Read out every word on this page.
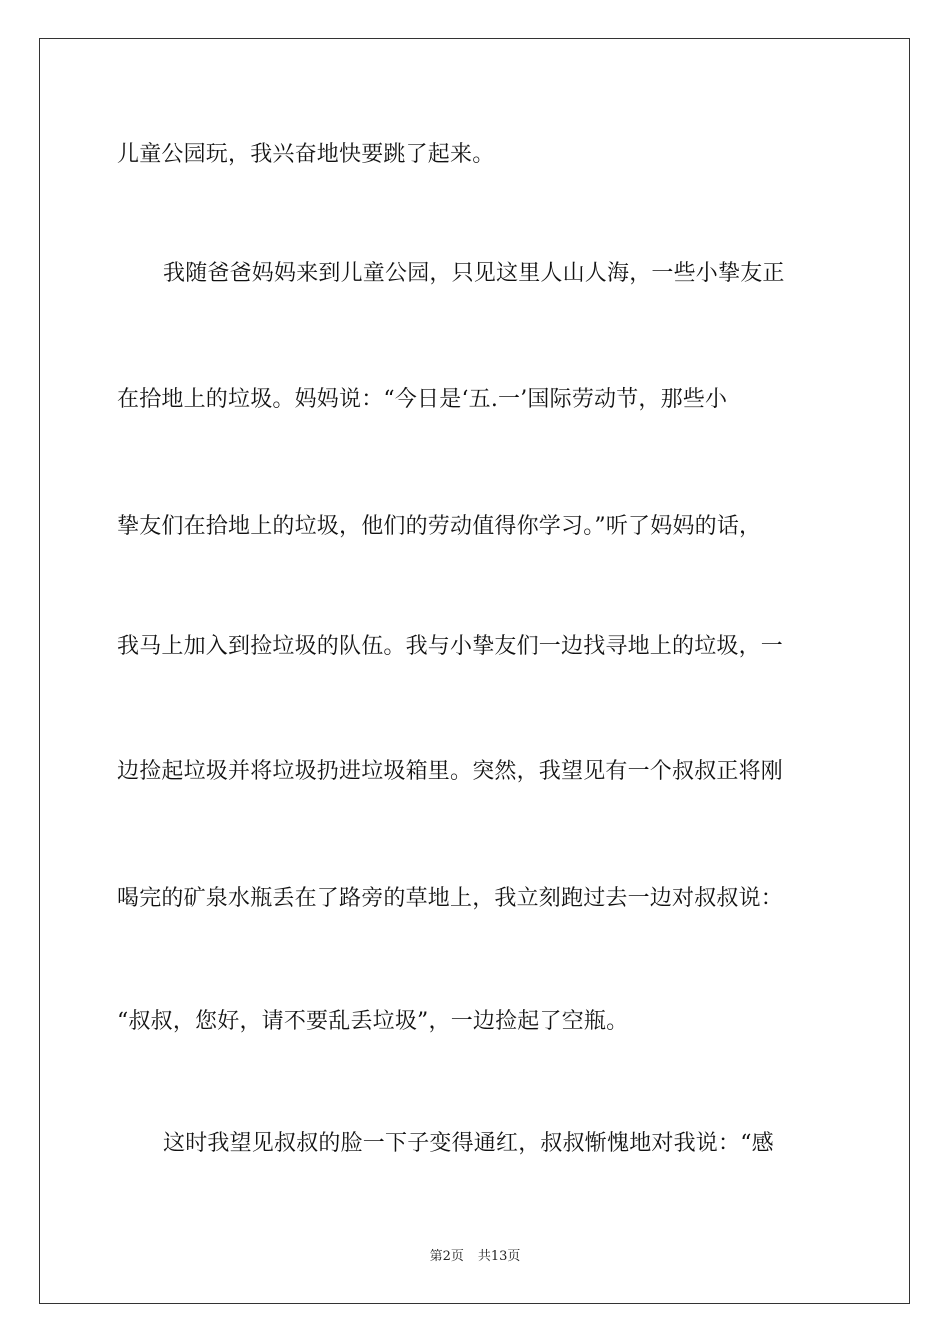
儿童公园玩，我兴奋地快要跳了起来。
我随爸爸妈妈来到儿童公园，只见这里人山人海，一些小挚友正
在拾地上的垃圾。妈妈说：“今日是‘五.一’国际劳动节，那些小
挚友们在拾地上的垃圾，他们的劳动值得你学习。”听了妈妈的话，
我马上加入到捡垃圾的队伍。我与小挚友们一边找寻地上的垃圾，一
边捡起垃圾并将垃圾扔进垃圾箱里。突然，我望见有一个叔叔正将刚
喝完的矿泉水瓶丢在了路旁的草地上，我立刻跑过去一边对叔叔说：
“叔叔，您好，请不要乱丢垃圾”，一边捡起了空瓶。
这时我望见叔叔的脸一下子变得通红，叔叔惭愧地对我说：“感
第2页 共13页
